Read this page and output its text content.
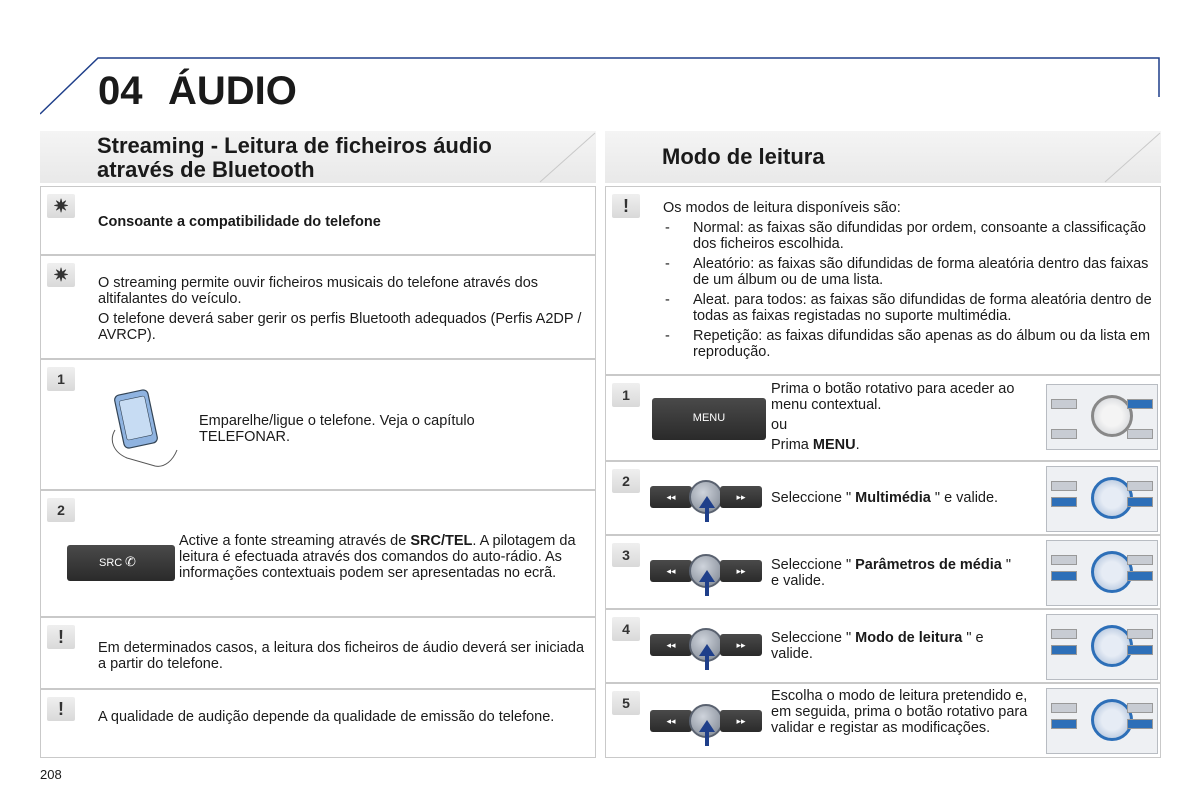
04 ÁUDIO
Streaming - Leitura de ficheiros áudio
através de Bluetooth
Modo de leitura
✷
Consoante a compatibilidade do telefone
✷	O streaming permite ouvir ficheiros musicais do telefone através dos altifalantes do veículo.
O telefone deverá saber gerir os perfis Bluetooth adequados (Perfis A2DP / AVRCP).
1
Emparelhe/ligue o telefone. Veja o capítulo TELEFONAR.
2
SRC ✆
Active a fonte streaming através de SRC/TEL. A pilotagem da leitura é efectuada através dos comandos do auto-rádio. As informações contextuais podem ser apresentadas no ecrã.
!
Em determinados casos, a leitura dos ficheiros de áudio deverá ser iniciada a partir do telefone.
!	A qualidade de audição depende da qualidade de emissão do telefone.
!	Os modos de leitura disponíveis são:
- Normal: as faixas são difundidas por ordem, consoante a classificação dos ficheiros escolhida.
- Aleatório: as faixas são difundidas de forma aleatória dentro das faixas de um álbum ou de uma lista.
- Aleat. para todos: as faixas são difundidas de forma aleatória dentro de todas as faixas registadas no suporte multimédia.
- Repetição: as faixas difundidas são apenas as do álbum ou da lista em reprodução.
1
MENU
Prima o botão rotativo para aceder ao menu contextual.
ou
Prima MENU.
2
◂◂	▸▸	Seleccione " Multimédia " e valide.
3
◂◂	▸▸	Seleccione " Parâmetros de média " e valide.
4
◂◂	▸▸	Seleccione " Modo de leitura " e valide.
5
◂◂	▸▸
Escolha o modo de leitura pretendido e, em seguida, prima o botão rotativo para validar e registar as modificações.
208
